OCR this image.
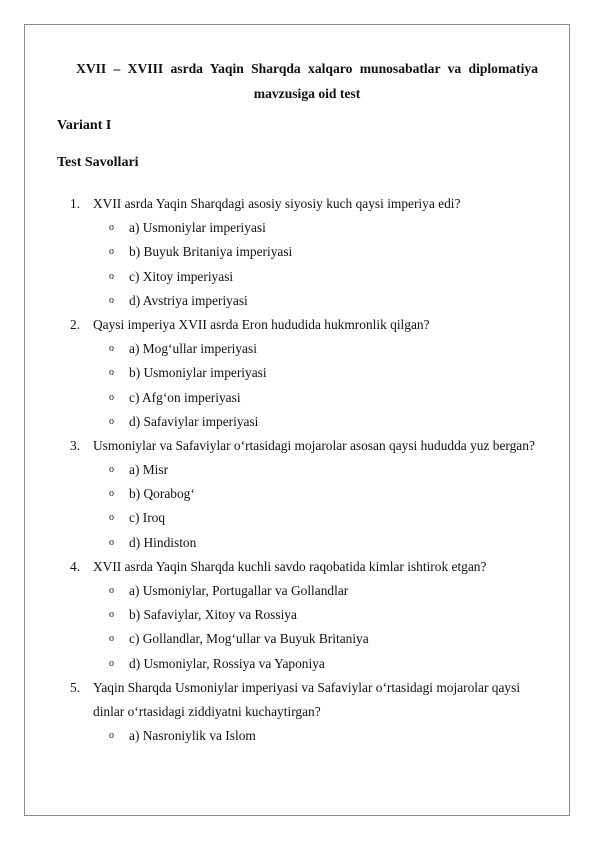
XVII – XVIII asrda Yaqin Sharqda xalqaro munosabatlar va diplomatiya
mavzusiga oid test
Variant I
Test Savollari
1. XVII asrda Yaqin Sharqdagi asosiy siyosiy kuch qaysi imperiya edi?
o a) Usmoniylar imperiyasi
o b) Buyuk Britaniya imperiyasi
o c) Xitoy imperiyasi
o d) Avstriya imperiyasi
2. Qaysi imperiya XVII asrda Eron hududida hukmronlik qilgan?
o a) Mog‘ullar imperiyasi
o b) Usmoniylar imperiyasi
o c) Afg‘on imperiyasi
o d) Safaviylar imperiyasi
3. Usmoniylar va Safaviylar o‘rtasidagi mojarolar asosan qaysi hududda yuz bergan?
o a) Misr
o b) Qorabog‘
o c) Iroq
o d) Hindiston
4. XVII asrda Yaqin Sharqda kuchli savdo raqobatida kimlar ishtirok etgan?
o a) Usmoniylar, Portugallar va Gollandlar
o b) Safaviylar, Xitoy va Rossiya
o c) Gollandlar, Mog‘ullar va Buyuk Britaniya
o d) Usmoniylar, Rossiya va Yaponiya
5. Yaqin Sharqda Usmoniylar imperiyasi va Safaviylar o‘rtasidagi mojarolar qaysi dinlar o‘rtasidagi ziddiyatni kuchaytirgan?
o a) Nasroniylik va Islom
